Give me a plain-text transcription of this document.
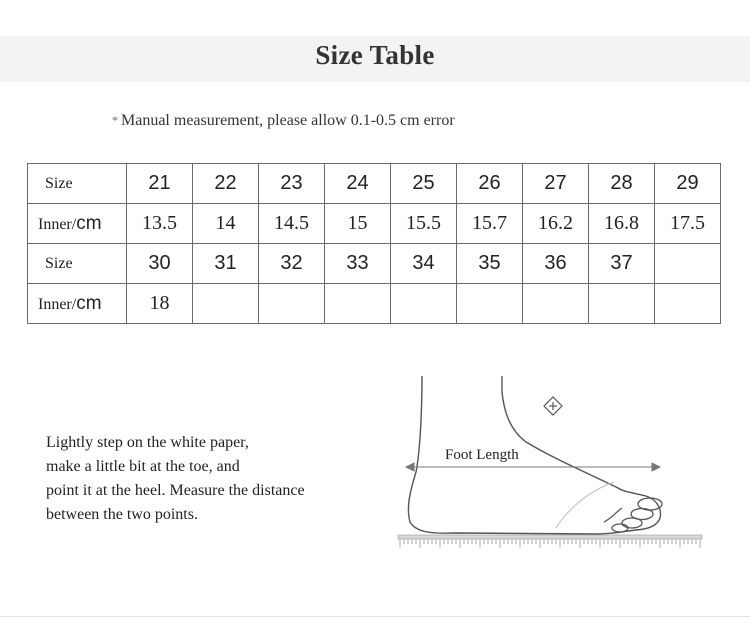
Size Table
* Manual measurement, please allow 0.1-0.5 cm error
Size	21	22	23	24	25	26	27	28	29
Inner/cm	13.5	14	14.5	15	15.5	15.7	16.2	16.8	17.5
Size	30	31	32	33	34	35	36	37	
Inner/cm	18								
Lightly step on the white paper,
make a little bit at the toe, and
point it at the heel. Measure the distance
between the two points.
Foot Length
